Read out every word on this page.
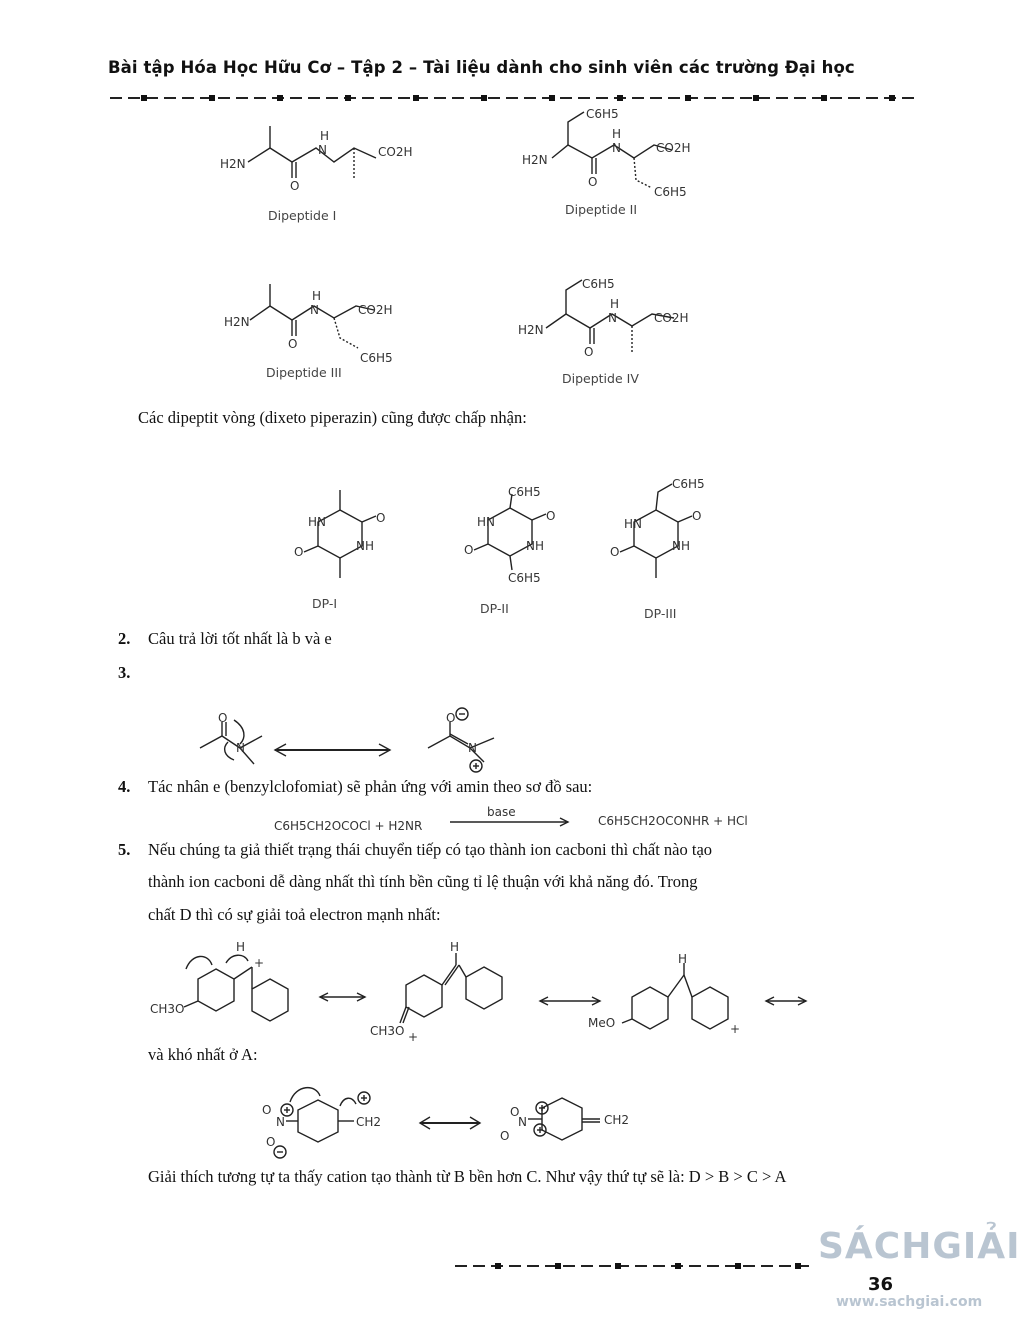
Bài tập Hóa Học Hữu Cơ – Tập 2 – Tài liệu dành cho sinh viên các trường Đại học
H2N
H
N	CO2H
O
H2N
H
N	CO2H
O
C6H5
C6H5
H2N
H
N	CO2H
O
C6H5
H2N
H
N	CO2H
O
C6H5
Dipeptide I	Dipeptide II
Dipeptide III	Dipeptide IV
Các dipeptit vòng (dixeto piperazin) cũng được chấp nhận:
HN
NH
O
O
HN
NH
O
O
C6H5
C6H5
HN
NH
O
O
C6H5
DP-I	DP-II	DP-III
2. Câu trả lời tốt nhất là b và e
3.
O
N
O
N
4. Tác nhân e (benzylclofomiat) sẽ phản ứng với amin theo sơ đồ sau:
C6H5CH2OCOCl + H2NR
base
C6H5CH2OCONHR + HCl
5. Nếu chúng ta giả thiết trạng thái chuyển tiếp có tạo thành ion cacboni thì chất nào tạo
thành ion cacboni dễ dàng nhất thì tính bền cũng tỉ lệ thuận với khả năng đó. Trong
chất D thì có sự giải toả electron mạnh nhất:
CH3O
H
+
H
CH3O +
H
MeO	+
và khó nhất ở A:
O
N
O
CH2
O
N
O
CH2
Giải thích tương tự ta thấy cation tạo thành từ B bền hơn C. Như vậy thứ tự sẽ là: D > B > C > A
SÁCHGIẢI
36
www.sachgiai.com
